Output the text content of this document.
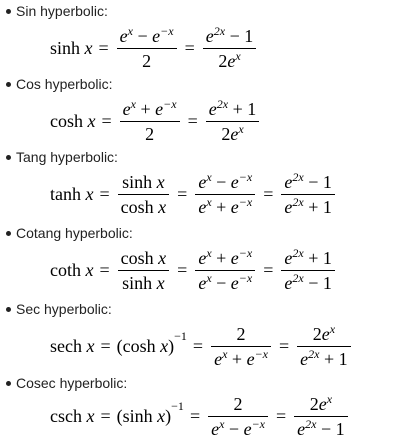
Sin hyperbolic:
sinh
$x = \frac{e^x - e^{-x}}{2} = \frac{e^{2x} - 1}{2e^x}$
Cos hyperbolic:
cosh
$x = \frac{e^x + e^{-x}}{2} = \frac{e^{2x} + 1}{2e^x}$
Tang hyperbolic:
tanh
$x = \frac{\text{sinh x}}{\text{cosh x}} = \frac{e^x - e^{-x}}{e^x + e^{-x}} = \frac{e^{2x} - 1}{e^{2x} + 1}$
Cotang hyperbolic:
coth
$x = \frac{\text{cosh x}}{\text{sinh x}} = \frac{e^x + e^{-x}}{e^x - e^{-x}} = \frac{e^{2x} + 1}{e^{2x} - 1}$
Sec hyperbolic:
sech
x = ( cosh
x ) $-1 = \frac{2}{e^x + e^{-x}} = \frac{2e^x}{e^{2x} + 1}$
Cosec hyperbolic:
csch
x = ( sinh
x ) $-1 = \frac{2}{e^x - e^{-x}} = \frac{2e^x}{e^{2x} - 1}$
